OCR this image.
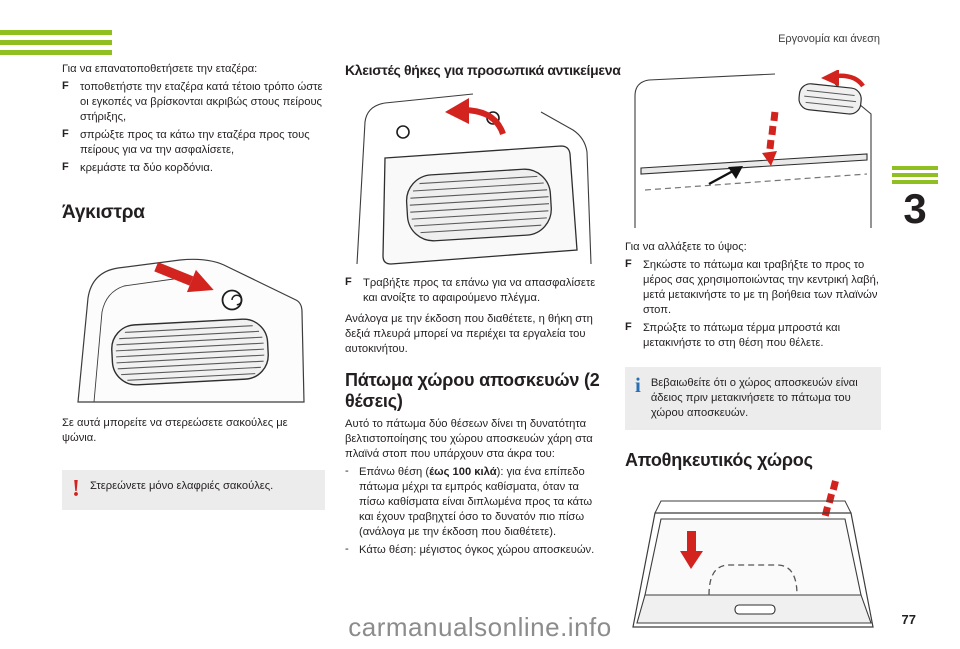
Εργονομία και άνεση
3

Για να επανατοποθετήσετε την εταζέρα:

F	τοποθετήστε την εταζέρα κατά τέτοιο τρόπο ώστε οι εγκοπές να βρίσκονται ακριβώς στους πείρους στήριξης,
F	σπρώξτε προς τα κάτω την εταζέρα προς τους πείρους για να την ασφαλίσετε,
F	κρεμάστε τα δύο κορδόνια.
Άγκιστρα

Σε αυτά μπορείτε να στερεώσετε σακούλες με ψώνια.

! Στερεώνετε μόνο ελαφριές σακούλες.
Κλειστές θήκες για προσωπικά αντικείμενα
F	Τραβήξτε προς τα επάνω για να απασφαλίσετε και ανοίξτε το αφαιρούμενο πλέγμα.

Ανάλογα με την έκδοση που διαθέτετε, η θήκη στη δεξιά πλευρά μπορεί να περιέχει τα εργαλεία του αυτοκινήτου.

Πάτωμα χώρου αποσκευών (2 θέσεις)

Αυτό το πάτωμα δύο θέσεων δίνει τη δυνατότητα βελτιστοποίησης του χώρου αποσκευών χάρη στα πλαϊνά στοπ που υπάρχουν στα άκρα του:

- Επάνω θέση (έως 100 κιλά): για ένα επίπεδο πάτωμα μέχρι τα εμπρός καθίσματα, όταν τα πίσω καθίσματα είναι διπλωμένα προς τα κάτω και έχουν τραβηχτεί όσο το δυνατόν πιο πίσω (ανάλογα με την έκδοση που διαθέτετε).
- Κάτω θέση: μέγιστος όγκος χώρου αποσκευών.

Για να αλλάξετε το ύψος:

F	Σηκώστε το πάτωμα και τραβήξτε το προς το μέρος σας χρησιμοποιώντας την κεντρική λαβή, μετά μετακινήστε το με τη βοήθεια των πλαϊνών στοπ.
F	Σπρώξτε το πάτωμα τέρμα μπροστά και μετακινήστε το στη θέση που θέλετε.
i Βεβαιωθείτε ότι ο χώρος αποσκευών είναι άδειος πριν μετακινήσετε το πάτωμα του χώρου αποσκευών.
Αποθηκευτικός χώρος
77
carmanualsonline.info
